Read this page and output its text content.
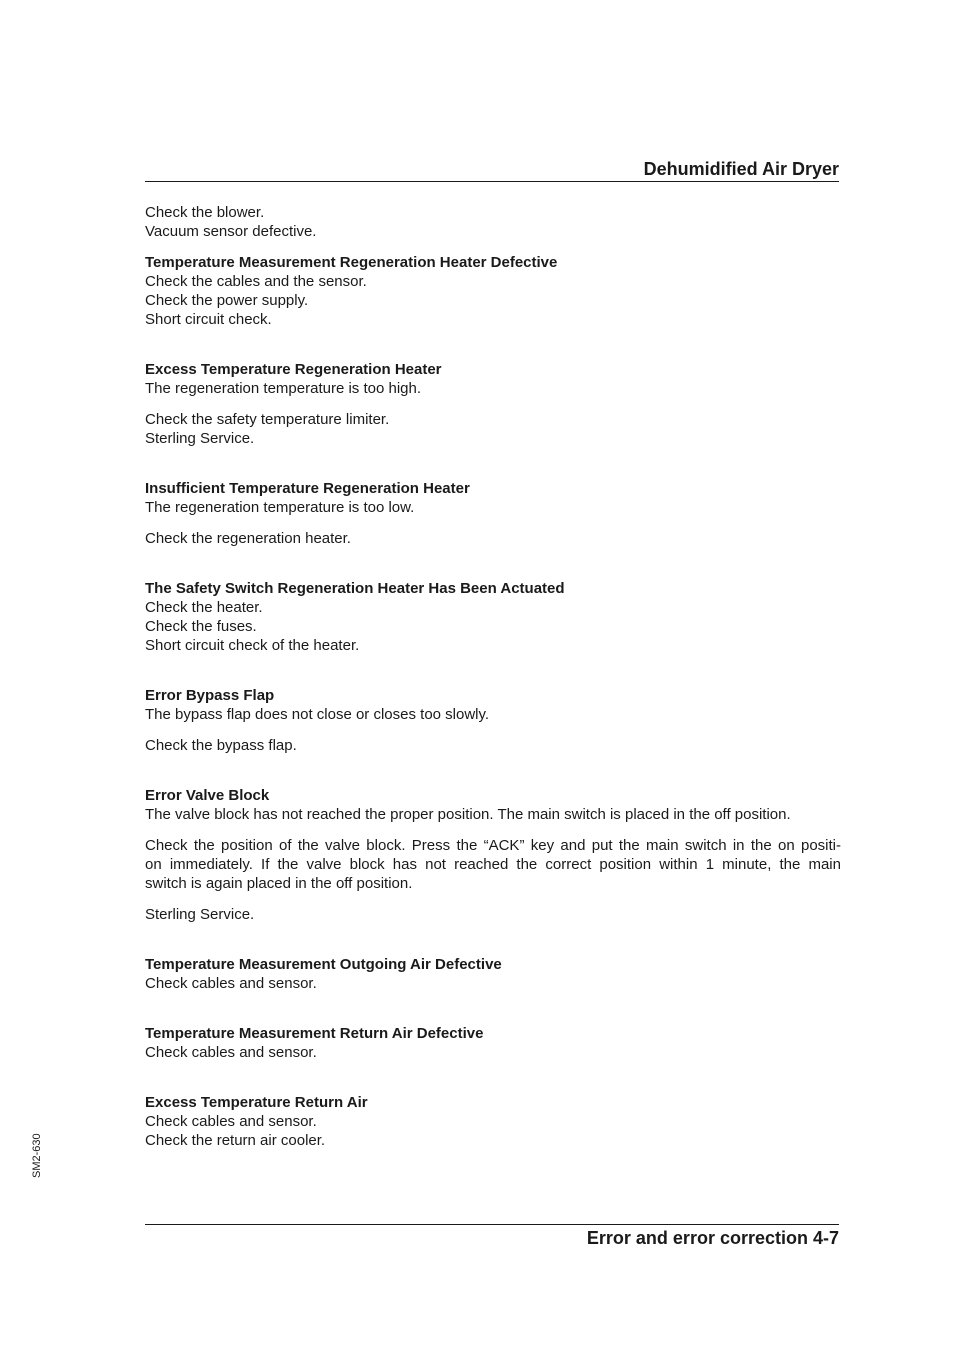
Dehumidified Air Dryer
Check the blower.
Vacuum sensor defective.
Temperature Measurement Regeneration Heater Defective
Check the cables and the sensor.
Check the power supply.
Short circuit check.
Excess Temperature Regeneration Heater
The regeneration temperature is too high.
Check the safety temperature limiter.
Sterling Service.
Insufficient Temperature Regeneration Heater
The regeneration temperature is too low.
Check the regeneration heater.
The Safety Switch Regeneration Heater Has Been Actuated
Check the heater.
Check the fuses.
Short circuit check of the heater.
Error Bypass Flap
The bypass flap does not close or closes too slowly.
Check the bypass flap.
Error Valve Block
The valve block has not reached the proper position. The main switch is placed in the off position.
Check the position of the valve block. Press the “ACK” key and put the main switch in the on positi-
on immediately. If the valve block has not reached the correct position within 1 minute, the main
switch is again placed in the off position.
Sterling Service.
Temperature Measurement Outgoing Air Defective
Check cables and sensor.
Temperature Measurement Return Air Defective
Check cables and sensor.
Excess Temperature Return Air
Check cables and sensor.
Check the return air cooler.
SM2-630
Error and error correction 4-7
